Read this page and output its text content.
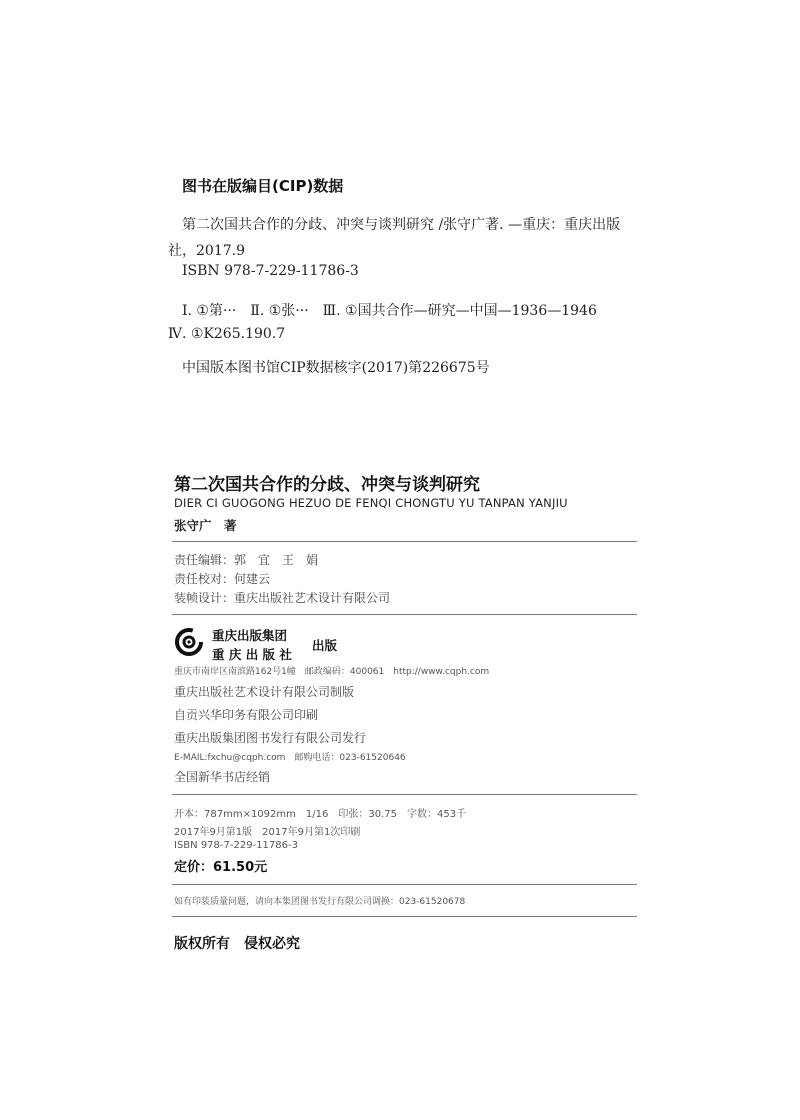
图书在版编目(CIP)数据
第二次国共合作的分歧、冲突与谈判研究 /张守广著. —重庆：重庆出版
社，2017.9
ISBN 978-7-229-11786-3
Ⅰ. ①第···　Ⅱ. ①张···　Ⅲ. ①国共合作—研究—中国—1936—1946
Ⅳ. ①K265.190.7
中国版本图书馆CIP数据核字(2017)第226675号
第二次国共合作的分歧、冲突与谈判研究
DIER CI GUOGONG HEZUO DE FENQI CHONGTU YU TANPAN YANJIU
张守广　著
责任编辑：郭　宜　王　娟
责任校对：何建云
装帧设计：重庆出版社艺术设计有限公司
重庆出版集团
重 庆 出 版 社
出版
重庆市南岸区南滨路162号1幢　邮政编码：400061　http://www.cqph.com
重庆出版社艺术设计有限公司制版
自贡兴华印务有限公司印刷
重庆出版集团图书发行有限公司发行
E-MAIL:fxchu@cqph.com　邮购电话：023-61520646
全国新华书店经销
开本：787mm×1092mm　1/16　印张：30.75　字数：453千
2017年9月第1版　2017年9月第1次印刷
ISBN 978-7-229-11786-3
定价：61.50元
如有印装质量问题，请向本集团图书发行有限公司调换：023-61520678
版权所有　侵权必究
